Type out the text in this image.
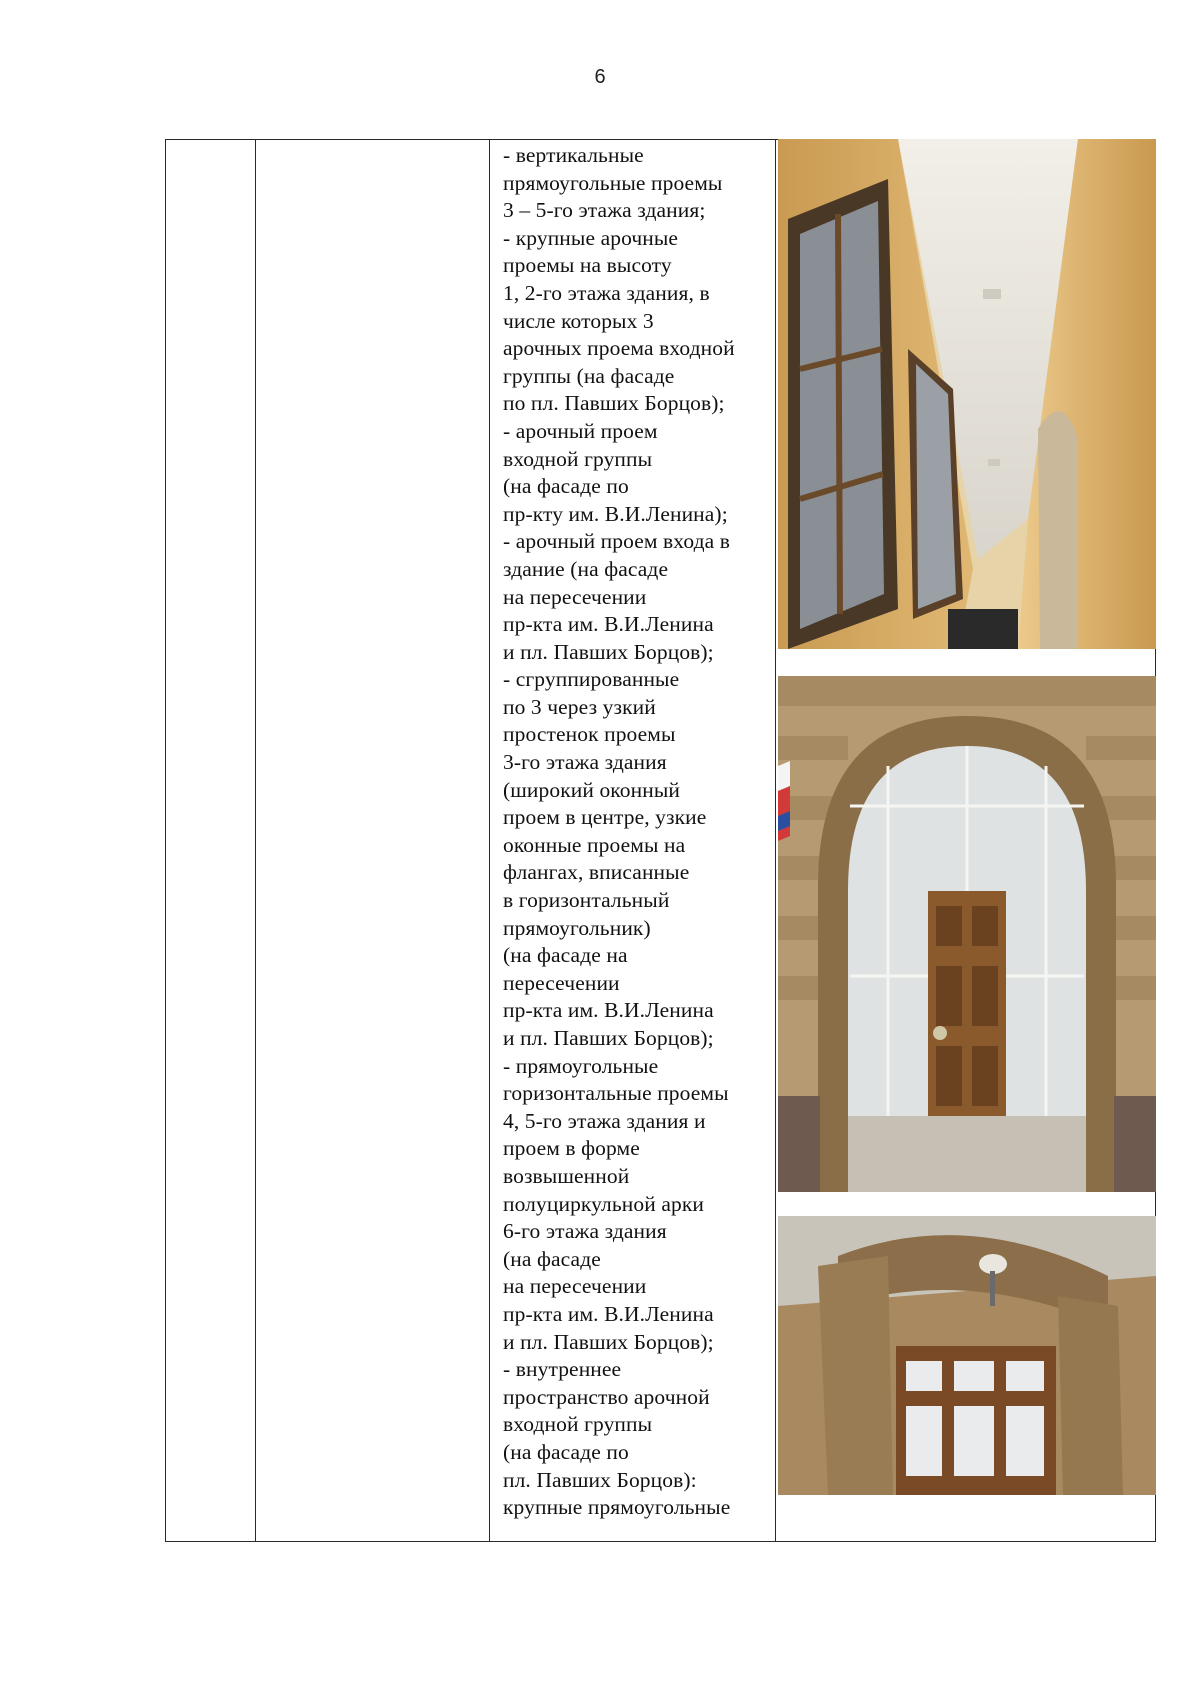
6
- вертикальные
прямоугольные проемы
3 – 5-го этажа здания;
- крупные арочные
проемы на высоту
1, 2-го этажа здания, в
числе которых 3
арочных проема входной
группы (на фасаде
по пл. Павших Борцов);
- арочный проем
входной группы
(на фасаде по
пр-кту им. В.И.Ленина);
- арочный проем входа в
здание (на фасаде
на пересечении
пр-кта им. В.И.Ленина
и пл. Павших Борцов);
- сгруппированные
по 3 через узкий
простенок проемы
3-го этажа здания
(широкий оконный
проем в центре, узкие
оконные проемы на
флангах, вписанные
в горизонтальный
прямоугольник)
(на фасаде на
пересечении
пр-кта им. В.И.Ленина
и пл. Павших Борцов);
- прямоугольные
горизонтальные проемы
4, 5-го этажа здания и
проем в форме
возвышенной
полуциркульной арки
6-го этажа здания
(на фасаде
на пересечении
пр-кта им. В.И.Ленина
и пл. Павших Борцов);
- внутреннее
пространство арочной
входной группы
(на фасаде по
пл. Павших Борцов):
крупные прямоугольные
